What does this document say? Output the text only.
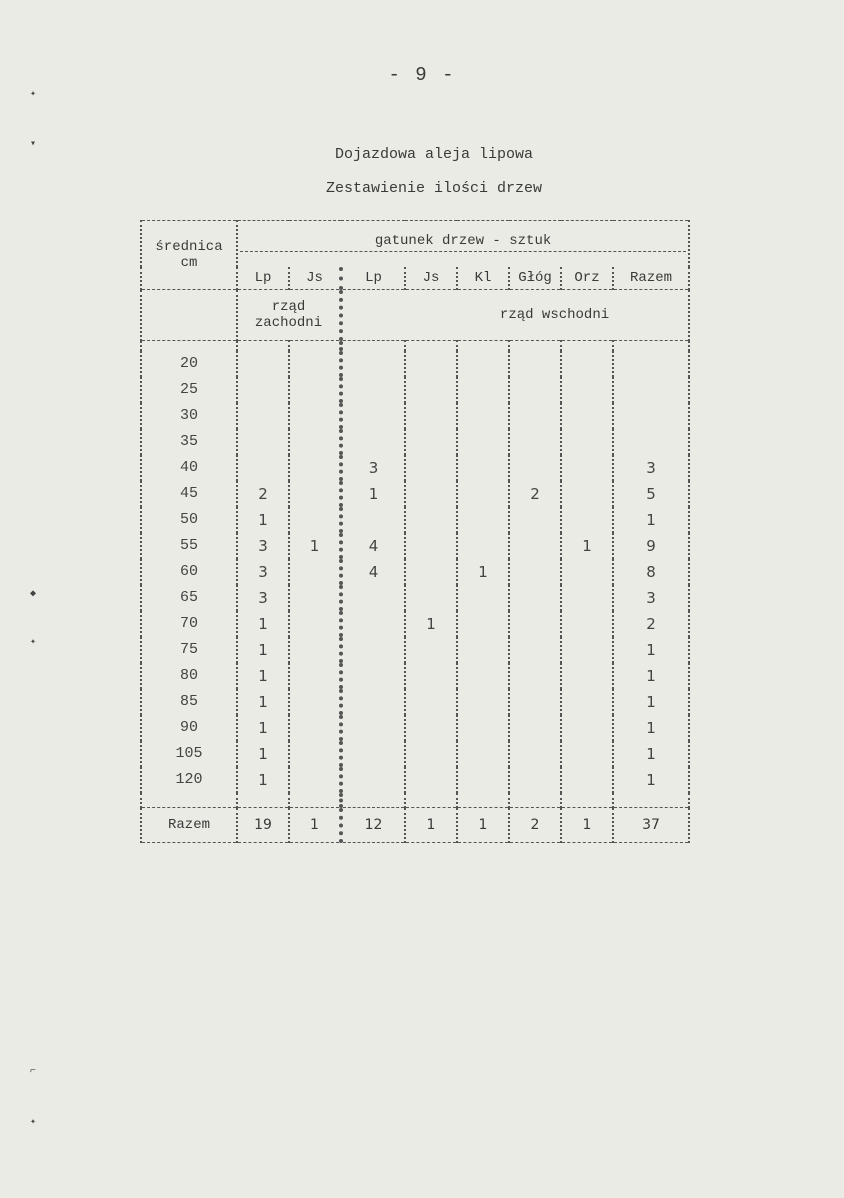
- 9 -
Dojazdowa aleja lipowa
Zestawienie ilości drzew
✦
▾
◆
✦
⌐
✦
średnica
cm	gatunek drzew - sztuk							

	Lp	Js	Lp	Js	Kl	Głóg	Orz	Razem
	rząd zachodni		rząd wschodni					

20								
25								
30								
35								
40			3					3
45	2		1			2		5
50	1							1
55	3	1	4				1	9
60	3		4		1			8
65	3							3
70	1			1				2
75	1							1
80	1							1
85	1							1
90	1							1
105	1							1
120	1							1

Razem	19	1	12	1	1	2	1	37
